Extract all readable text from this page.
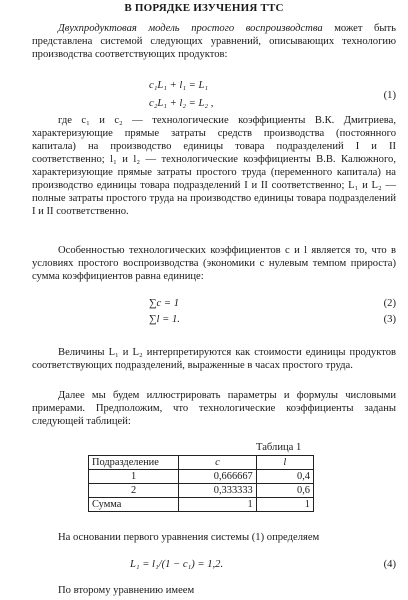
В ПОРЯДКЕ ИЗУЧЕНИЯ ТТС
Двухпродуктовая модель простого воспроизводства может быть представлена системой следующих уравнений, описывающих технологию производства соответствующих продуктов:
c₁L₁ + l₁ = L₁
c₂L₁ + l₂ = L₂ ,
(1)
где c₁ и c₂ — технологические коэффициенты В.К. Дмитриева, характеризующие прямые затраты средств производства (постоянного капитала) на производство единицы товара подразделений I и II соответственно; l₁ и l₂ — технологические коэффициенты В.В. Калюжного, характеризующие прямые затраты простого труда (переменного капитала) на производство единицы товара подразделений I и II соответственно; L₁ и L₂ — полные затраты простого труда на производство единицы товара подразделений I и II соответственно.
Особенностью технологических коэффициентов c и l является то, что в условиях простого воспроизводства (экономики с нулевым темпом прироста) сумма коэффициентов равна единице:
∑c = 1	(2)
∑l = 1.	(3)
Величины L₁ и L₂ интерпретируются как стоимости единицы продуктов соответствующих подразделений, выраженные в часах простого труда.
Далее мы будем иллюстрировать параметры и формулы числовыми примерами. Предположим, что технологические коэффициенты заданы следующей таблицей:
Таблица 1
Подразделение	c	l
1	0,666667	0,4
2	0,333333	0,6
Сумма	1	1
На основании первого уравнения системы (1) определяем
L₁ = l₁/(1 − c₁) = 1,2.	(4)
По второму уравнению имеем
